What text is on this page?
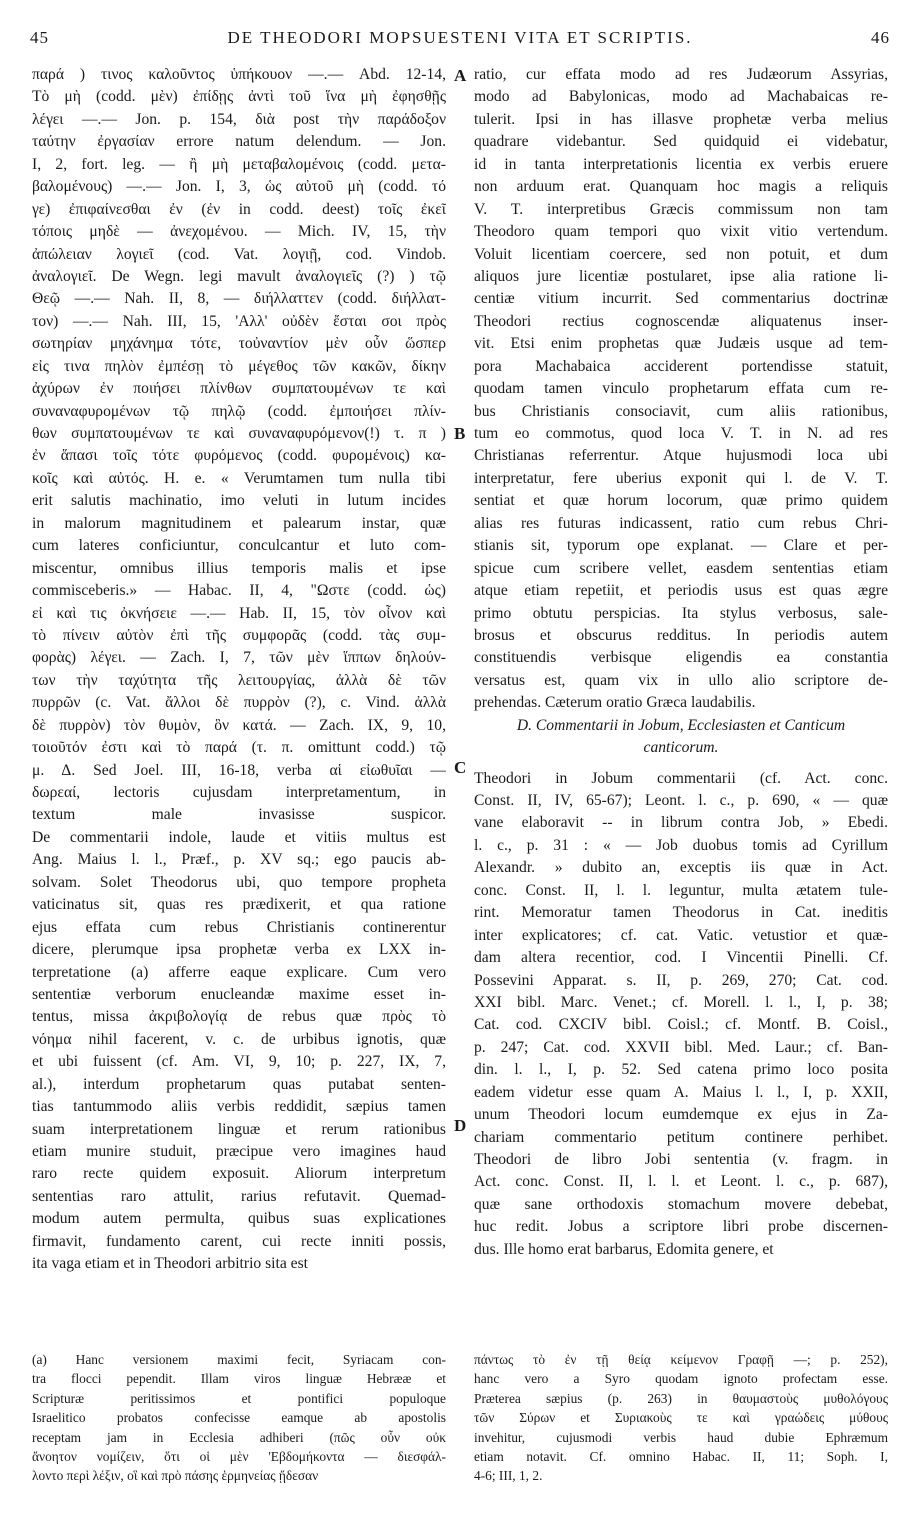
45	DE THEODORI MOPSUESTENI VITA ET SCRIPTIS.	46
A
B
C
D
παρά ) τινος καλοῦντος ὑπήκουον —.— Abd. 12-14,
Τὸ μὴ (codd. μὲν) ἐπίδῃς ἀντὶ τοῦ ἵνα μὴ ἐφησθῇς
λέγει —.— Jon. p. 154, διὰ post τὴν παράδοξον
ταύτην ἐργασίαν errore natum delendum. — Jon.
I, 2, fort. leg. — ἢ μὴ μεταβαλομένοις (codd. μετα-
βαλομένους) —.— Jon. I, 3, ὡς αὐτοῦ μὴ (codd. τό
γε) ἐπιφαίνεσθαι ἐν (ἐν in codd. deest) τοῖς ἐκεῖ
τόποις μηδὲ — ἀνεχομένου. — Mich. IV, 15, τὴν
ἀπώλειαν λογιεῖ (cod. Vat. λογιῇ, cod. Vindob.
ἀναλογιεῖ. De Wegn. legi mavult ἀναλογιεῖς (?) ) τῷ
Θεῷ —.— Nah. II, 8, — διήλλαττεν (codd. διήλλατ-
τον) —.— Nah. III, 15, 'Αλλ' οὐδὲν ἔσται σοι πρὸς
σωτηρίαν μηχάνημα τότε, τοὐναντίον μὲν οὖν ὥσπερ
εἰς τινα πηλὸν ἐμπέσῃ τὸ μέγεθος τῶν κακῶν, δίκην
ἀχύρων ἐν ποιήσει πλίνθων συμπατουμένων τε καὶ
συναναφυρομένων τῷ πηλῷ (codd. ἐμποιήσει πλίν-
θων συμπατουμένων τε καὶ συναναφυρόμενον(!) τ. π )
ἐν ἅπασι τοῖς τότε φυρόμενος (codd. φυρομένοις) κα-
κοῖς καὶ αὐτός. H. e. « Verumtamen tum nulla tibi
erit salutis machinatio, imo veluti in lutum incides
in malorum magnitudinem et palearum instar, quæ
cum lateres conficiuntur, conculcantur et luto com-
miscentur, omnibus illius temporis malis et ipse
commisceberis.» — Habac. II, 4, "Ωστε (codd. ὡς)
εἰ καὶ τις ὀκνήσειε —.— Hab. II, 15, τὸν οἶνον καὶ
τὸ πίνειν αὐτὸν ἐπὶ τῆς συμφορᾶς (codd. τὰς συμ-
φορὰς) λέγει. — Zach. I, 7, τῶν μὲν ἵππων δηλούν-
των τὴν ταχύτητα τῆς λειτουργίας, ἀλλὰ δὲ τῶν
πυρρῶν (c. Vat. ἄλλοι δὲ πυρρὸν (?), c. Vind. ἀλλὰ
δὲ πυρρὸν) τὸν θυμὸν, ὃν κατά. — Zach. IX, 9, 10,
τοιοῦτόν ἐστι καὶ τὸ παρά (τ. π. omittunt codd.) τῷ
μ. Δ. Sed Joel. III, 16-18, verba αἱ εἰωθυῖαι —
δωρεαί, lectoris cujusdam interpretamentum, in
textum male invasisse suspicor.
De commentarii indole, laude et vitiis multus est
Ang. Maius l. l., Præf., p. XV sq.; ego paucis ab-
solvam. Solet Theodorus ubi, quo tempore propheta
vaticinatus sit, quas res prædixerit, et qua ratione
ejus effata cum rebus Christianis continerentur
dicere, plerumque ipsa prophetæ verba ex LXX in-
terpretatione (a) afferre eaque explicare. Cum vero
sententiæ verborum enucleandæ maxime esset in-
tentus, missa ἀκριβολογίᾳ de rebus quæ πρὸς τὸ
νόημα nihil facerent, v. c. de urbibus ignotis, quæ
et ubi fuissent (cf. Am. VI, 9, 10; p. 227, IX, 7,
al.), interdum prophetarum quas putabat senten-
tias tantummodo aliis verbis reddidit, sæpius tamen
suam interpretationem linguæ et rerum rationibus
etiam munire studuit, præcipue vero imagines haud
raro recte quidem exposuit. Aliorum interpretum
sententias raro attulit, rarius refutavit. Quemad-
modum autem permulta, quibus suas explicationes
firmavit, fundamento carent, cui recte inniti possis,
ita vaga etiam et in Theodori arbitrio sita est
ratio, cur effata modo ad res Judæorum Assyrias,
modo ad Babylonicas, modo ad Machabaicas re-
tulerit. Ipsi in has illasve prophetæ verba melius
quadrare videbantur. Sed quidquid ei videbatur,
id in tanta interpretationis licentia ex verbis eruere
non arduum erat. Quanquam hoc magis a reliquis
V. T. interpretibus Græcis commissum non tam
Theodoro quam tempori quo vixit vitio vertendum.
Voluit licentiam coercere, sed non potuit, et dum
aliquos jure licentiæ postularet, ipse alia ratione li-
centiæ vitium incurrit. Sed commentarius doctrinæ
Theodori rectius cognoscendæ aliquatenus inser-
vit. Etsi enim prophetas quæ Judæis usque ad tem-
pora Machabaica acciderent portendisse statuit,
quodam tamen vinculo prophetarum effata cum re-
bus Christianis consociavit, cum aliis rationibus,
tum eo commotus, quod loca V. T. in N. ad res
Christianas referrentur. Atque hujusmodi loca ubi
interpretatur, fere uberius exponit qui l. de V. T.
sentiat et quæ horum locorum, quæ primo quidem
alias res futuras indicassent, ratio cum rebus Chri-
stianis sit, typorum ope explanat. — Clare et per-
spicue cum scribere vellet, easdem sententias etiam
atque etiam repetiit, et periodis usus est quas ægre
primo obtutu perspicias. Ita stylus verbosus, sale-
brosus et obscurus redditus. In periodis autem
constituendis verbisque eligendis ea constantia
versatus est, quam vix in ullo alio scriptore de-
prehendas. Cæterum oratio Græca laudabilis.
D. Commentarii in Jobum, Ecclesiasten et Canticum
canticorum.
Theodori in Jobum commentarii (cf. Act. conc.
Const. II, IV, 65-67); Leont. l. c., p. 690, « — quæ
vane elaboravit -- in librum contra Job, » Ebedi.
l. c., p. 31 : « — Job duobus tomis ad Cyrillum
Alexandr. » dubito an, exceptis iis quæ in Act.
conc. Const. II, l. l. leguntur, multa ætatem tule-
rint. Memoratur tamen Theodorus in Cat. ineditis
inter explicatores; cf. cat. Vatic. vetustior et quæ-
dam altera recentior, cod. I Vincentii Pinelli. Cf.
Possevini Apparat. s. II, p. 269, 270; Cat. cod.
XXI bibl. Marc. Venet.; cf. Morell. l. l., I, p. 38;
Cat. cod. CXCIV bibl. Coisl.; cf. Montf. B. Coisl.,
p. 247; Cat. cod. XXVII bibl. Med. Laur.; cf. Ban-
din. l. l., I, p. 52. Sed catena primo loco posita
eadem videtur esse quam A. Maius l. l., I, p. XXII,
unum Theodori locum eumdemque ex ejus in Za-
chariam commentario petitum continere perhibet.
Theodori de libro Jobi sententia (v. fragm. in
Act. conc. Const. II, l. l. et Leont. l. c., p. 687),
quæ sane orthodoxis stomachum movere debebat,
huc redit. Jobus a scriptore libri probe discernen-
dus. Ille homo erat barbarus, Edomita genere, et
(a) Hanc versionem maximi fecit, Syriacam con-
tra flocci pependit. Illam viros linguæ Hebrææ et
Scripturæ peritissimos et pontifici populoque
Israelitico probatos confecisse eamque ab apostolis
receptam jam in Ecclesia adhiberi (πῶς οὖν οὐκ
ἄνοητον νομίζειν, ὅτι οἱ μὲν 'Εβδομήκοντα — διεσφάλ-
λοντο περὶ λέξιν, οἳ καὶ πρὸ πάσης ἑρμηνείας ᾔδεσαν
πάντως τὸ ἐν τῇ θείᾳ κείμενον Γραφῇ —; p. 252),
hanc vero a Syro quodam ignoto profectam esse.
Præterea sæpius (p. 263) in θαυμαστοὺς μυθολόγους
τῶν Σύρων et Συριακοὺς τε καὶ γραώδεις μύθους
invehitur, cujusmodi verbis haud dubie Ephræmum
etiam notavit. Cf. omnino Habac. II, 11; Soph. I,
4-6; III, 1, 2.
